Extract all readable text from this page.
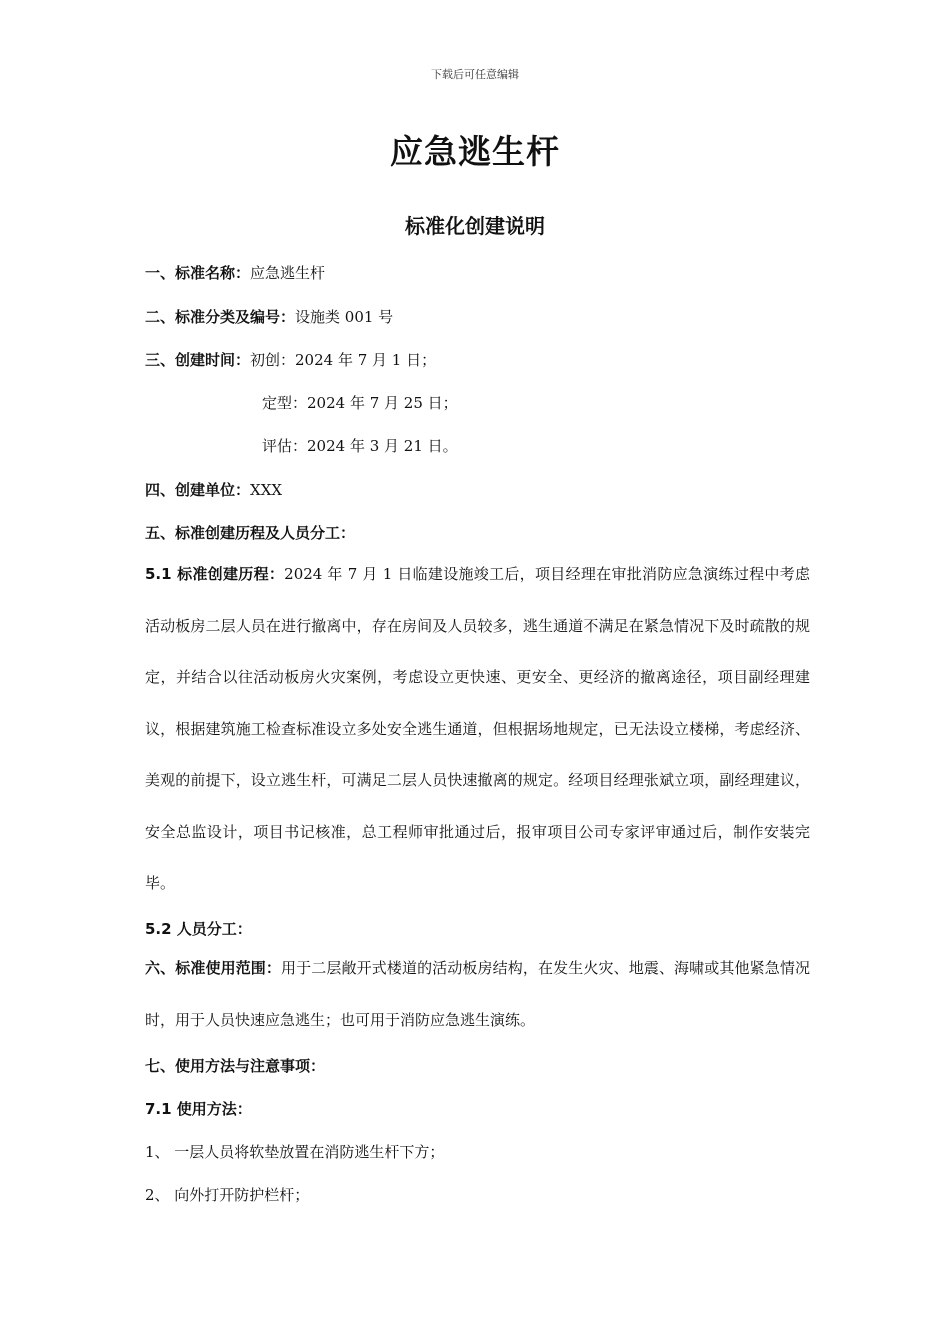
下载后可任意编辑
应急逃生杆
标准化创建说明
一、标准名称：应急逃生杆
二、标准分类及编号：设施类 001 号
三、创建时间：初创：2024 年 7 月 1 日；
定型：2024 年 7 月 25 日；
评估：2024 年 3 月 21 日。
四、创建单位：XXX
五、标准创建历程及人员分工：
5.1 标准创建历程：2024 年 7 月 1 日临建设施竣工后，项目经理在审批消防应急演练过程中考虑活动板房二层人员在进行撤离中，存在房间及人员较多，逃生通道不满足在紧急情况下及时疏散的规定，并结合以往活动板房火灾案例，考虑设立更快速、更安全、更经济的撤离途径，项目副经理建议，根据建筑施工检查标准设立多处安全逃生通道，但根据场地规定，已无法设立楼梯，考虑经济、美观的前提下，设立逃生杆，可满足二层人员快速撤离的规定。经项目经理张斌立项，副经理建议，安全总监设计，项目书记核准，总工程师审批通过后，报审项目公司专家评审通过后，制作安装完毕。
5.2 人员分工：
六、标准使用范围：用于二层敞开式楼道的活动板房结构，在发生火灾、地震、海啸或其他紧急情况时，用于人员快速应急逃生；也可用于消防应急逃生演练。
七、使用方法与注意事项：
7.1 使用方法：
1、 一层人员将软垫放置在消防逃生杆下方；
2、 向外打开防护栏杆；
